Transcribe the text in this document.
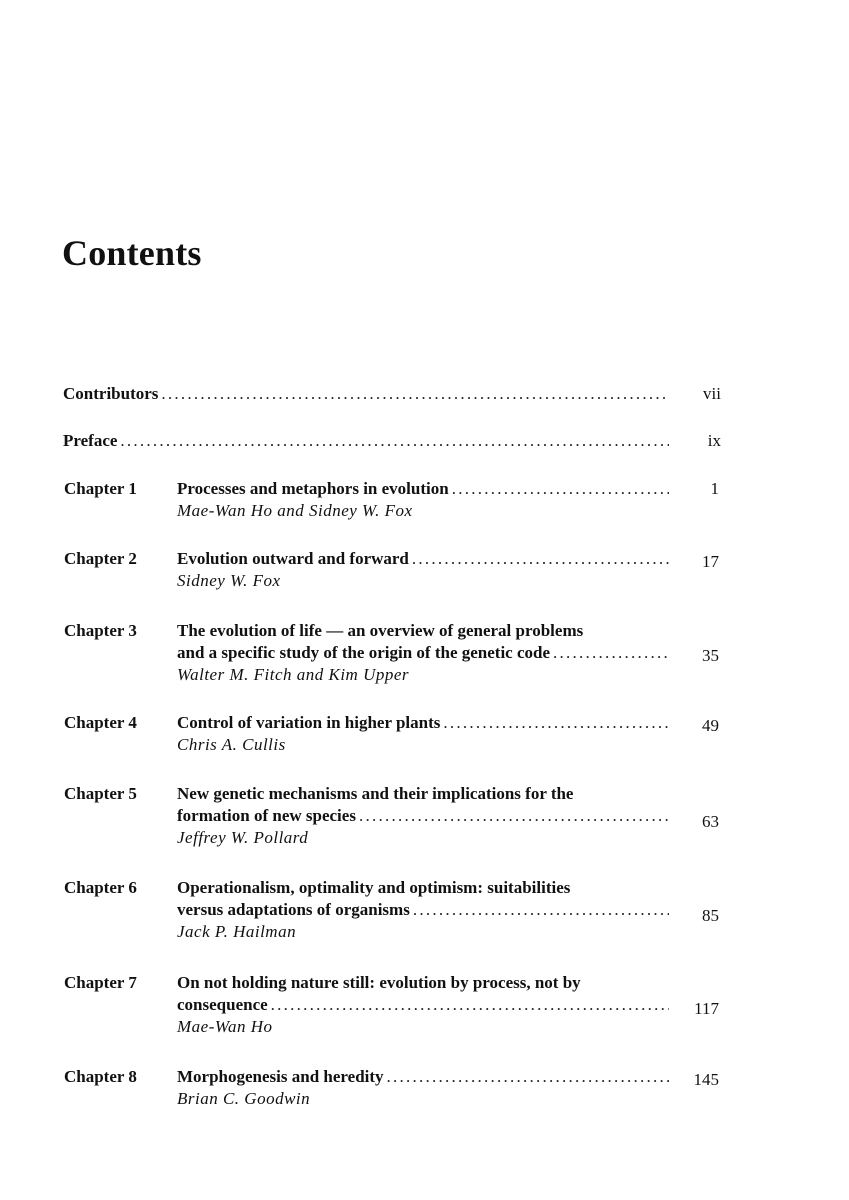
Contents
Contributors . . .	vii
Preface . . .	ix
Chapter 1 Processes and metaphors in evolution
. . .
Mae-Wan Ho and Sidney W. Fox
1
Chapter 2 Evolution outward and forward
. . .
Sidney W. Fox
17
Chapter 3 The evolution of life — an overview of general problems
and a specific study of the origin of the genetic code
. . .
Walter M. Fitch and Kim Upper
35
Chapter 4 Control of variation in higher plants
. . .
Chris A. Cullis
49
Chapter 5 New genetic mechanisms and their implications for the
formation of new species
. . .
Jeffrey W. Pollard
63
Chapter 6 Operationalism, optimality and optimism: suitabilities
versus adaptations of organisms
. . .
Jack P. Hailman
85
Chapter 7 On not holding nature still: evolution by process, not by
consequence
. . .
Mae-Wan Ho
117
Chapter 8 Morphogenesis and heredity
. . .
Brian C. Goodwin
145
